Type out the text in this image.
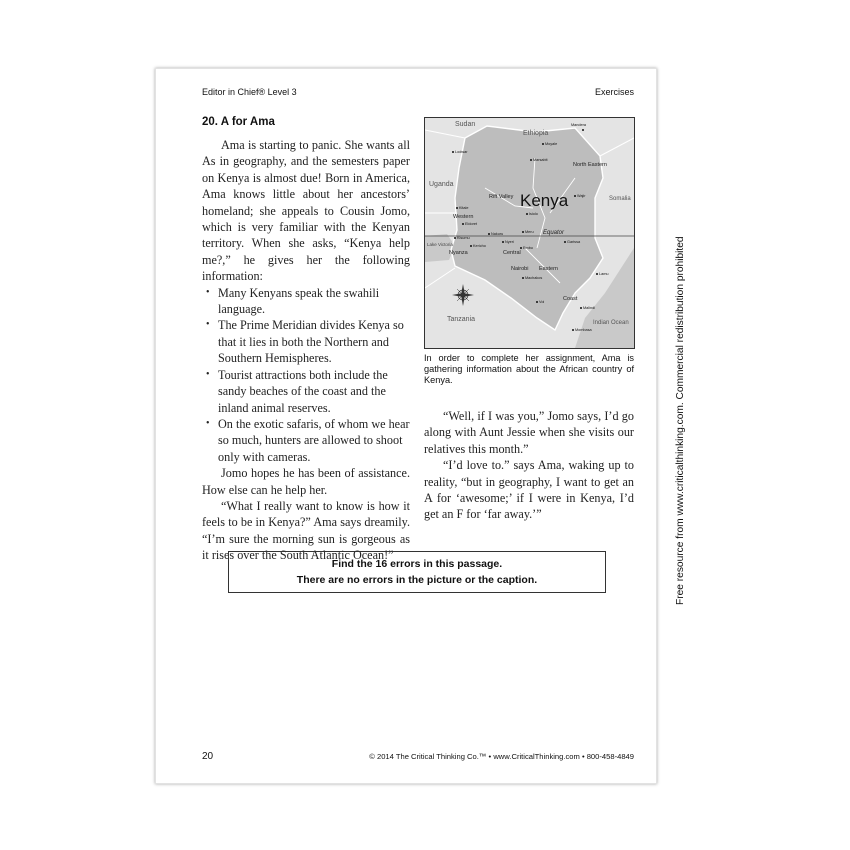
Editor in Chief® Level 3	Exercises
20. A for Ama

Ama is starting to panic. She wants all As in geography, and the semesters paper on Kenya is almost due! Born in America, Ama knows little about her ancestors’ homeland; she appeals to Cousin Jomo, which is very familiar with the Kenyan territory. When she asks, “Kenya help me?,” he gives her the following information:

• Many Kenyans speak the swahili language.
• The Prime Meridian divides Kenya so that it lies in both the Northern and Southern Hemispheres.
• Tourist attractions both include the sandy beaches of the coast and the inland animal reserves.
• On the exotic safaris, of whom we hear so much, hunters are allowed to shoot only with cameras.

Jomo hopes he has been of assistance. How else can he help her.

“What I really want to know is how it feels to be in Kenya?” Ama says dreamily. “I’m sure the morning sun is gorgeous as it rises over the South Atlantic Ocean!”

Sudan
Ethiopia
Uganda
Somalia
Tanzania
North Eastern
Rift Valley
Western
Nyanza	Central
Nairobi Eastern
Coast
Indian Ocean
Equator
Lake Victoria
Kenya
Lodwar
Marsabit
Moyale
Mandera
Kitale
Eldoret
Kisumu
Nakuru
Nyeri
Meru
Embu
Garissa
Lamu
Malindi
Mombasa
Machakos
Isiolo
Wajir
Voi
Kericho
In order to complete her assignment, Ama is gathering information about the African country of Kenya.

“Well, if I was you,” Jomo says, I’d go along with Aunt Jessie when she visits our relatives this month.”

“I’d love to.” says Ama, waking up to reality, “but in geography, I want to get an A for ‘awesome;’ if I were in Kenya, I’d get an F for ‘far away.’”

Find the 16 errors in this passage.
There are no errors in the picture or the caption.
20	© 2014 The Critical Thinking Co.™ • www.CriticalThinking.com • 800-458-4849
Free resource from www.criticalthinking.com. Commercial redistribution prohibited
